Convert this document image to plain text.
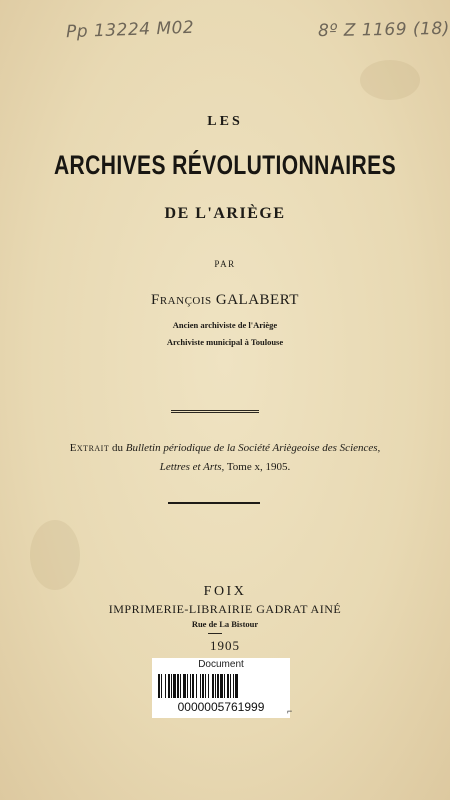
Pp 13224 M02	8º Z 1169 (18)
LES
ARCHIVES RÉVOLUTIONNAIRES
DE L'ARIÈGE
PAR
François GALABERT
Ancien archiviste de l'Ariège
Archiviste municipal à Toulouse
Extrait du Bulletin périodique de la Société Ariègeoise des Sciences,
Lettres et Arts, Tome x, 1905.
FOIX
IMPRIMERIE-LIBRAIRIE GADRAT AINÉ
Rue de La Bistour
1905
Document
0000005761999	⌐
